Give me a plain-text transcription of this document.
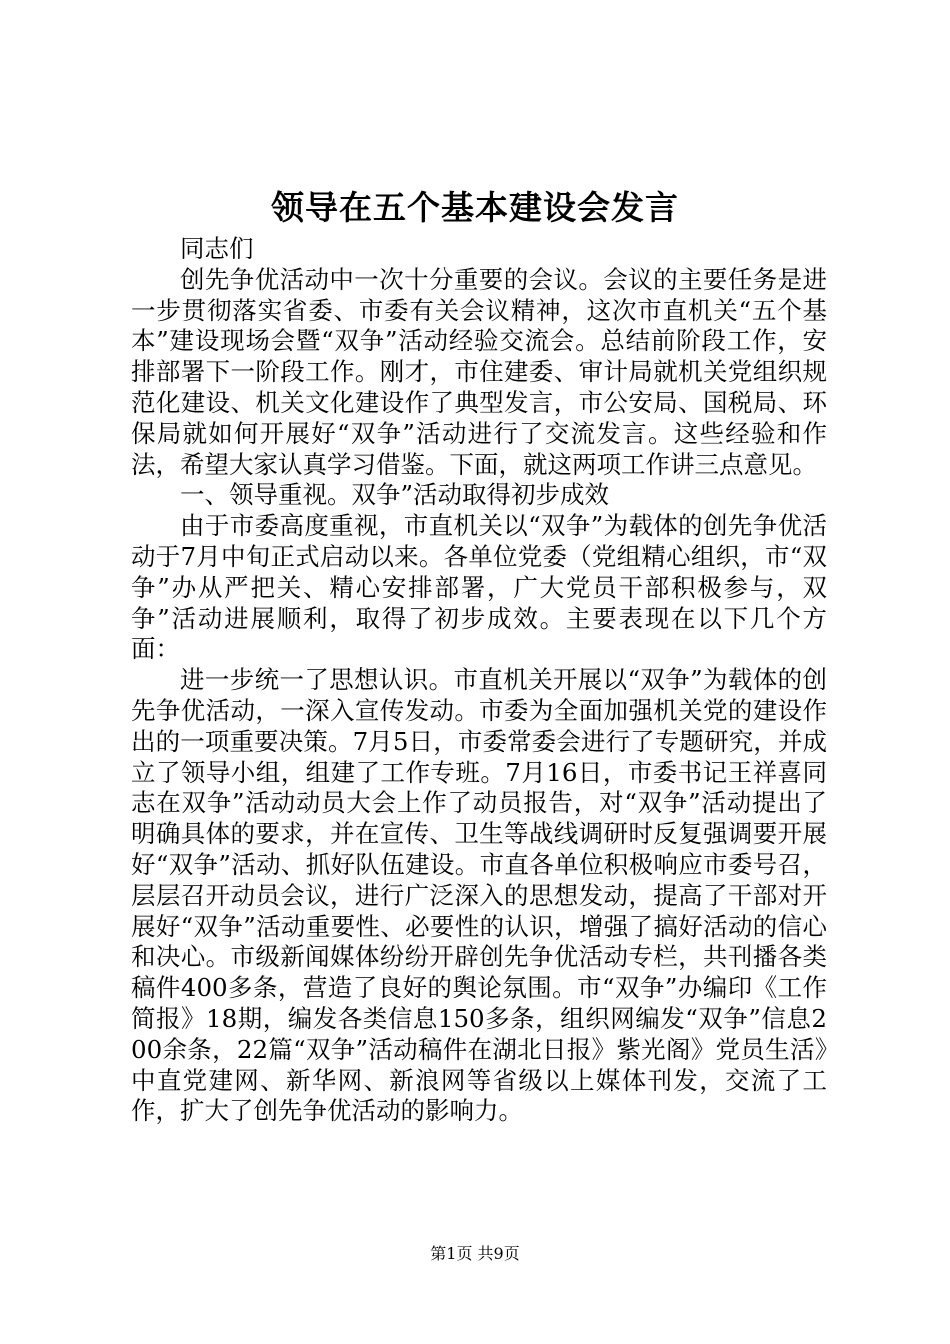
领导在五个基本建设会发言

同志们

创先争优活动中一次十分重要的会议。会议的主要任务是进一步贯彻落实省委、市委有关会议精神，这次市直机关“五个基本”建设现场会暨“双争”活动经验交流会。总结前阶段工作，安排部署下一阶段工作。刚才，市住建委、审计局就机关党组织规范化建设、机关文化建设作了典型发言，市公安局、国税局、环保局就如何开展好“双争”活动进行了交流发言。这些经验和作法，希望大家认真学习借鉴。下面，就这两项工作讲三点意见。

一、领导重视。双争”活动取得初步成效

由于市委高度重视，市直机关以“双争”为载体的创先争优活动于7月中旬正式启动以来。各单位党委（党组精心组织，市“双争”办从严把关、精心安排部署，广大党员干部积极参与，双争”活动进展顺利，取得了初步成效。主要表现在以下几个方面：

进一步统一了思想认识。市直机关开展以“双争”为载体的创先争优活动，一深入宣传发动。市委为全面加强机关党的建设作出的一项重要决策。7月5日，市委常委会进行了专题研究，并成立了领导小组，组建了工作专班。7月16日，市委书记王祥喜同志在双争”活动动员大会上作了动员报告，对“双争”活动提出了明确具体的要求，并在宣传、卫生等战线调研时反复强调要开展好“双争”活动、抓好队伍建设。市直各单位积极响应市委号召，层层召开动员会议，进行广泛深入的思想发动，提高了干部对开展好“双争”活动重要性、必要性的认识，增强了搞好活动的信心和决心。市级新闻媒体纷纷开辟创先争优活动专栏，共刊播各类稿件400多条，营造了良好的舆论氛围。市“双争”办编印《工作简报》18期，编发各类信息150多条，组织网编发“双争”信息200余条，22篇“双争”活动稿件在湖北日报》紫光阁》党员生活》中直党建网、新华网、新浪网等省级以上媒体刊发，交流了工作，扩大了创先争优活动的影响力。

第1页 共9页
